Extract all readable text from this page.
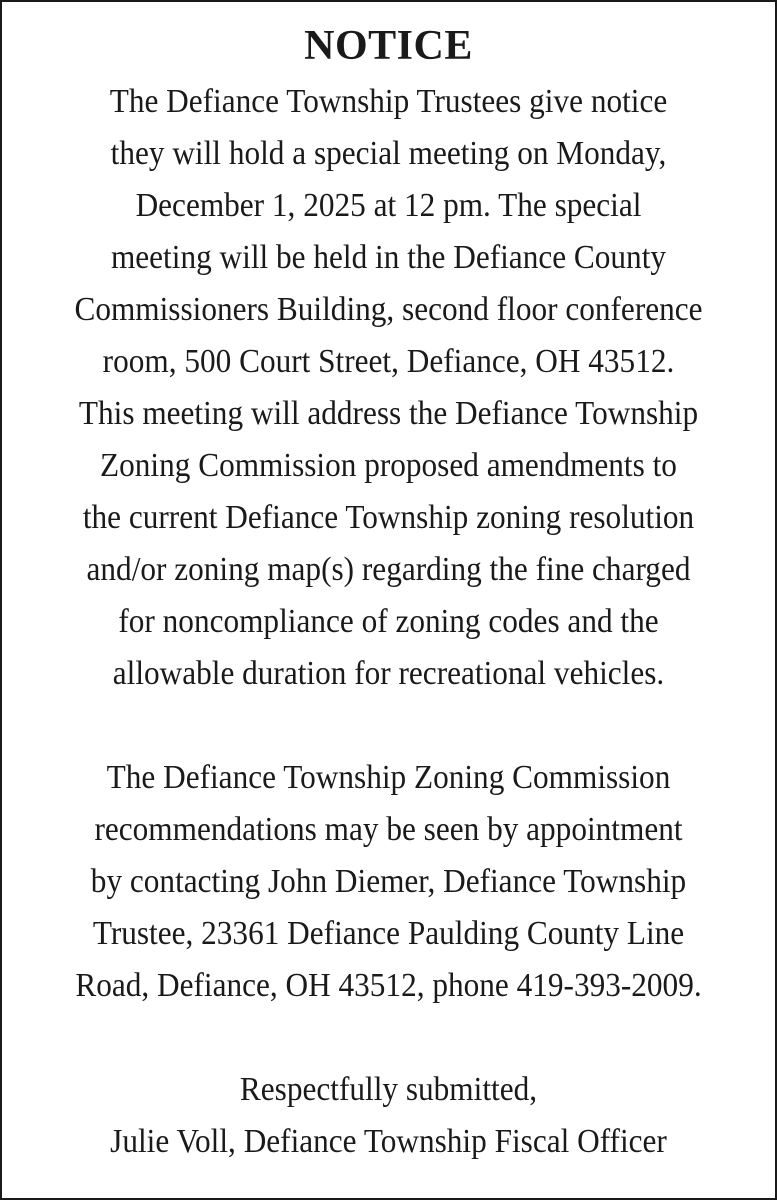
NOTICE

The Defiance Township Trustees give notice
they will hold a special meeting on Monday,
December 1, 2025 at 12 pm. The special
meeting will be held in the Defiance County
Commissioners Building, second floor conference
room, 500 Court Street, Defiance, OH 43512.
This meeting will address the Defiance Township
Zoning Commission proposed amendments to
the current Defiance Township zoning resolution
and/or zoning map(s) regarding the fine charged
for noncompliance of zoning codes and the
allowable duration for recreational vehicles.

The Defiance Township Zoning Commission
recommendations may be seen by appointment
by contacting John Diemer, Defiance Township
Trustee, 23361 Defiance Paulding County Line
Road, Defiance, OH 43512, phone 419-393-2009.

Respectfully submitted,
Julie Voll, Defiance Township Fiscal Officer
